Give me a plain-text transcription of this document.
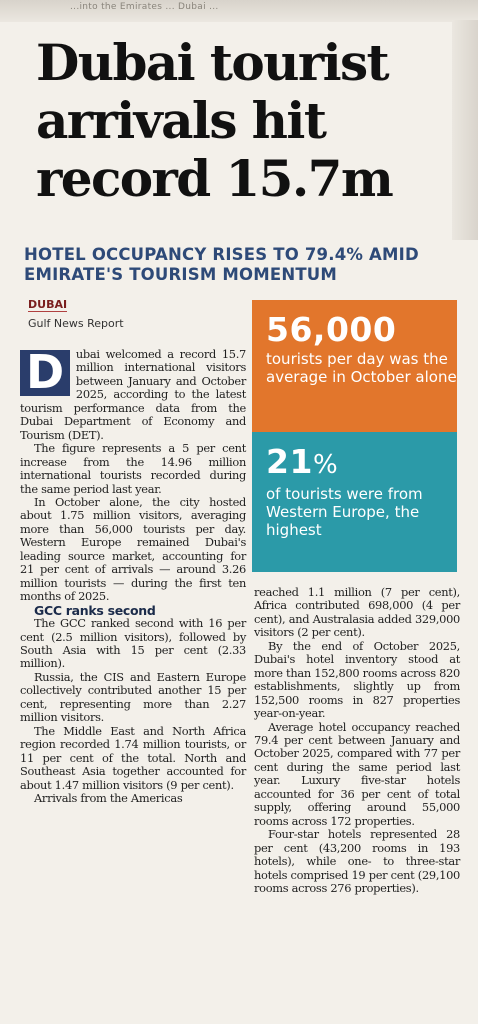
...into the Emirates ... Dubai ...
Dubai tourist arrivals hit record 15.7m
HOTEL OCCUPANCY RISES TO 79.4% AMID EMIRATE'S TOURISM MOMENTUM
DUBAI
Gulf News Report	56,000
tourists per day was the average in October alone
21%
of tourists were from Western Europe, the highest
D	ubai welcomed a record 15.7 million international visitors between January and October 2025, according to the latest tourism performance data from the Dubai Department of Economy and Tourism (DET).

The figure represents a 5 per cent increase from the 14.96 million international tourists recorded during the same period last year.

In October alone, the city hosted about 1.75 million visitors, averaging more than 56,000 tourists per day. Western Europe remained Dubai's leading source market, accounting for 21 per cent of arrivals — around 3.26 million tourists — during the first ten months of 2025.

GCC ranks second

The GCC ranked second with 16 per cent (2.5 million visitors), followed by South Asia with 15 per cent (2.33 million).

Russia, the CIS and Eastern Europe collectively contributed another 15 per cent, representing more than 2.27 million visitors.

The Middle East and North Africa region recorded 1.74 million tourists, or 11 per cent of the total. North and Southeast Asia together accounted for about 1.47 million visitors (9 per cent).

Arrivals from the Americas

reached 1.1 million (7 per cent), Africa contributed 698,000 (4 per cent), and Australasia added 329,000 visitors (2 per cent).

By the end of October 2025, Dubai's hotel inventory stood at more than 152,800 rooms across 820 establishments, slightly up from 152,500 rooms in 827 properties year-on-year.

Average hotel occupancy reached 79.4 per cent between January and October 2025, compared with 77 per cent during the same period last year. Luxury five-star hotels accounted for 36 per cent of total supply, offering around 55,000 rooms across 172 properties.

Four-star hotels represented 28 per cent (43,200 rooms in 193 hotels), while one- to three-star hotels comprised 19 per cent (29,100 rooms across 276 properties).
